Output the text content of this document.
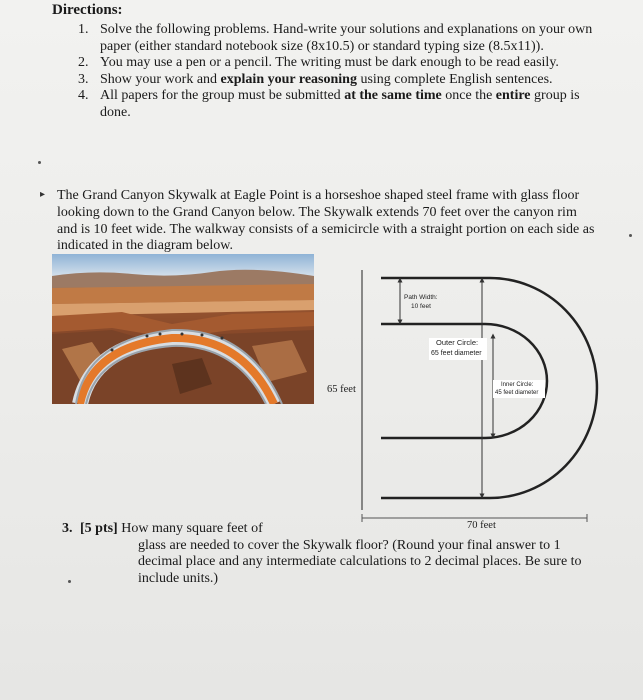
Directions:
1. Solve the following problems. Hand-write your solutions and explanations on your own paper (either standard notebook size (8x10.5) or standard typing size (8.5x11)).
2. You may use a pen or a pencil. The writing must be dark enough to be read easily.
3. Show your work and explain your reasoning using complete English sentences.
4. All papers for the group must be submitted at the same time once the entire group is done.
▸ The Grand Canyon Skywalk at Eagle Point is a horseshoe shaped steel frame with glass floor looking down to the Grand Canyon below. The Skywalk extends 70 feet over the canyon rim and is 10 feet wide. The walkway consists of a semicircle with a straight portion on each side as indicated in the diagram below.
Path Width:
10 feet
Outer Circle:
65 feet diameter
Inner Circle:
45 feet diameter
65 feet
70 feet
3. [5 pts] How many square feet of
glass are needed to cover the Skywalk floor? (Round your final answer to 1 decimal place and any intermediate calculations to 2 decimal places. Be sure to include units.)
